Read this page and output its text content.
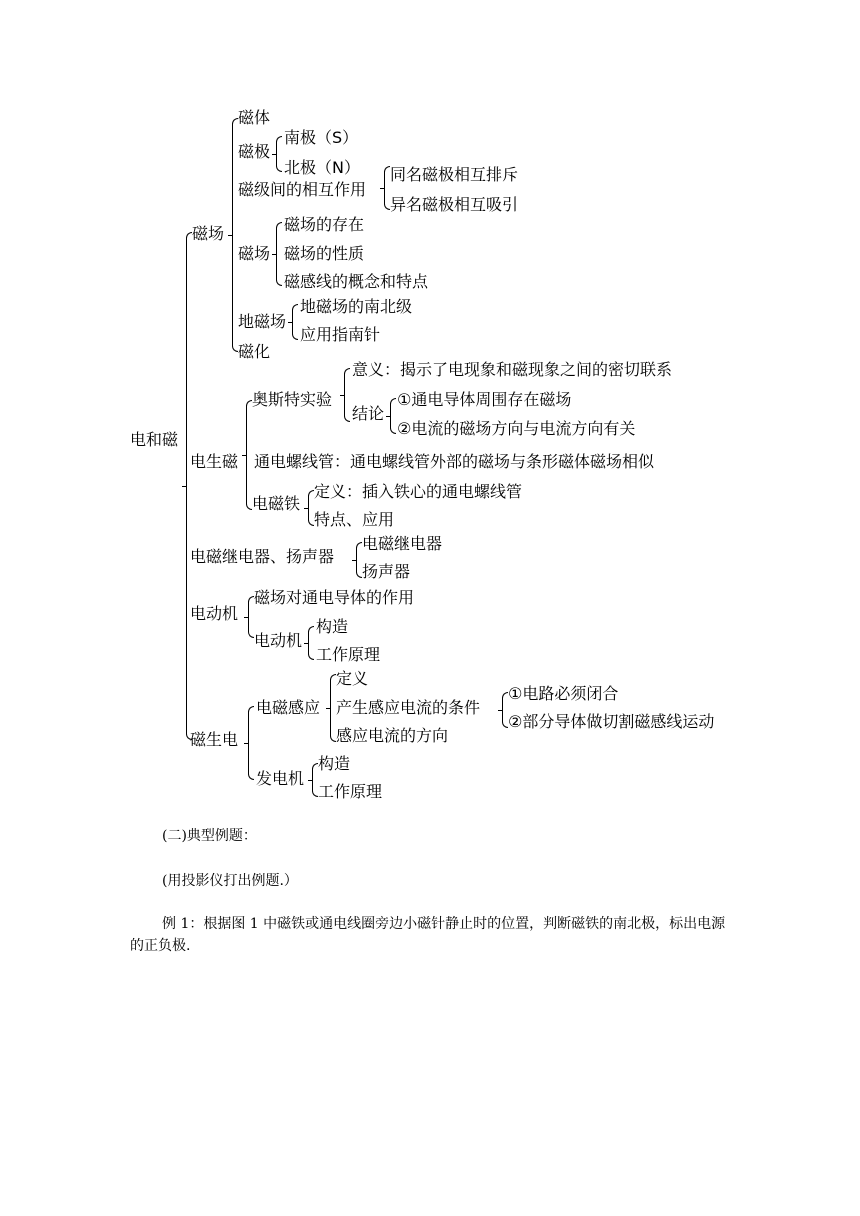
电和磁
磁场
磁体
磁极
南极（S）
北极（N）
磁级间的相互作用
同名磁极相互排斥
异名磁极相互吸引
磁场
磁场的存在
磁场的性质
磁感线的概念和特点
地磁场
地磁场的南北级
应用指南针
磁化
电生磁
奥斯特实验
意义：揭示了电现象和磁现象之间的密切联系
结论
①通电导体周围存在磁场
②电流的磁场方向与电流方向有关
通电螺线管：通电螺线管外部的磁场与条形磁体磁场相似
电磁铁
定义：插入铁心的通电螺线管
特点、应用
电磁继电器、扬声器
电磁继电器
扬声器
电动机
磁场对通电导体的作用
电动机
构造
工作原理
磁生电
电磁感应
定义
产生感应电流的条件
①电路必须闭合
②部分导体做切割磁感线运动
感应电流的方向
发电机
构造
工作原理
(二)典型例题：
(用投影仪打出例题.）
例 1：根据图 1 中磁铁或通电线圈旁边小磁针静止时的位置，判断磁铁的南北极，标出电源的正负极.
